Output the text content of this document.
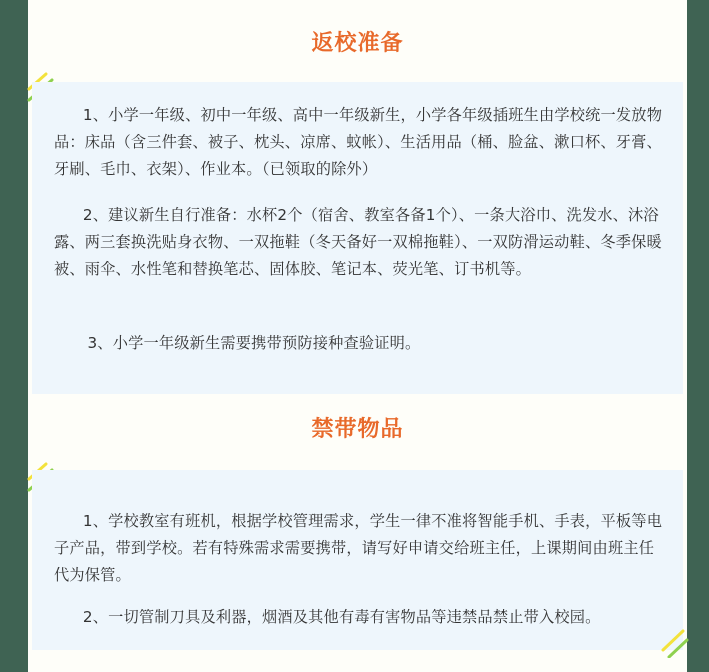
返校准备
1、小学一年级、初中一年级、高中一年级新生，小学各年级插班生由学校统一发放物品：床品（含三件套、被子、枕头、凉席、蚊帐）、生活用品（桶、脸盆、漱口杯、牙膏、牙刷、毛巾、衣架）、作业本。（已领取的除外）
2、建议新生自行准备：水杯2个（宿舍、教室各备1个）、一条大浴巾、洗发水、沐浴露、两三套换洗贴身衣物、一双拖鞋（冬天备好一双棉拖鞋）、一双防滑运动鞋、冬季保暖被、雨伞、水性笔和替换笔芯、固体胶、笔记本、荧光笔、订书机等。
3、小学一年级新生需要携带预防接种查验证明。
禁带物品
1、学校教室有班机，根据学校管理需求，学生一律不准将智能手机、手表，平板等电子产品，带到学校。若有特殊需求需要携带，请写好申请交给班主任，上课期间由班主任代为保管。
2、一切管制刀具及利器，烟酒及其他有毒有害物品等违禁品禁止带入校园。
